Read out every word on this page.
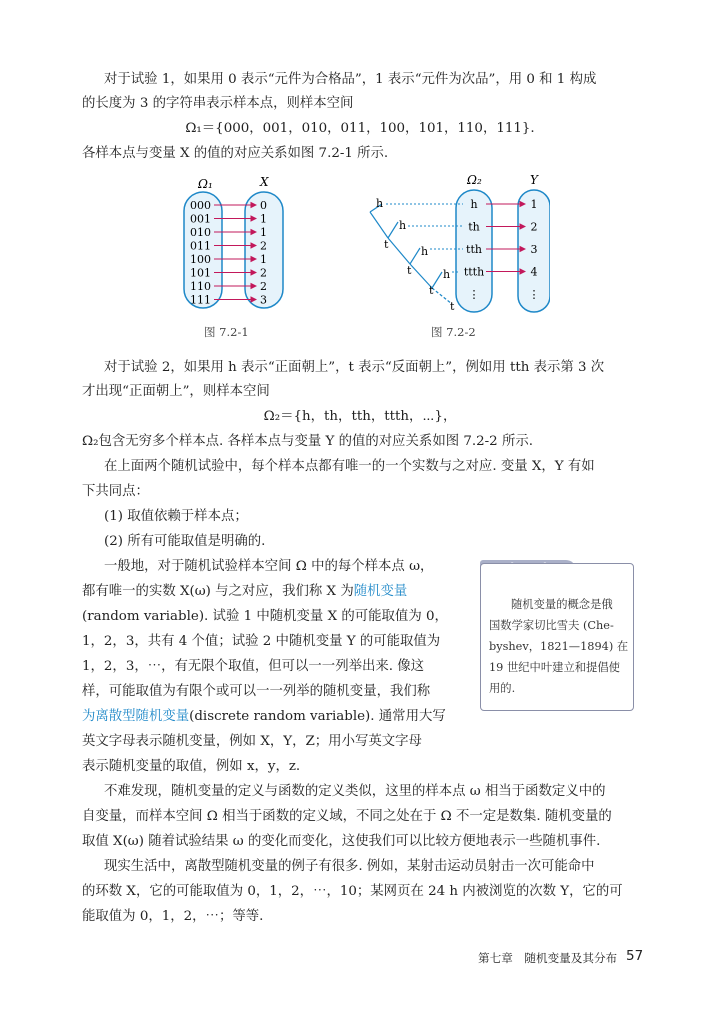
对于试验 1，如果用 0 表示“元件为合格品”，1 表示“元件为次品”，用 0 和 1 构成
的长度为 3 的字符串表示样本点，则样本空间
Ω₁＝{000，001，010，011，100，101，110，111}.
各样本点与变量 X 的值的对应关系如图 7.2-1 所示.
Ω₁	X
000	0
001	1
010	1
011	2
100	1
101	2
110	2
111	3
Ω₂	Y
h
h
t
h
t	h
t
t
h	1
th	2
tth	3
ttth	4
⋮	⋮
图 7.2-1	图 7.2-2
对于试验 2，如果用 h 表示“正面朝上”，t 表示“反面朝上”，例如用 tth 表示第 3 次
才出现“正面朝上”，则样本空间
Ω₂＝{h，th，tth，ttth，⋯}，
Ω₂包含无穷多个样本点. 各样本点与变量 Y 的值的对应关系如图 7.2-2 所示.
在上面两个随机试验中，每个样本点都有唯一的一个实数与之对应. 变量 X，Y 有如
下共同点：
(1) 取值依赖于样本点；
(2) 所有可能取值是明确的.
一般地，对于随机试验样本空间 Ω 中的每个样本点 ω，
都有唯一的实数 X(ω) 与之对应，我们称 X 为随机变量
(random variable). 试验 1 中随机变量 X 的可能取值为 0，
1，2，3，共有 4 个值；试验 2 中随机变量 Y 的可能取值为
1，2，3，⋯，有无限个取值，但可以一一列举出来. 像这
样，可能取值为有限个或可以一一列举的随机变量，我们称
为离散型随机变量(discrete random variable). 通常用大写
英文字母表示随机变量，例如 X，Y，Z；用小写英文字母
表示随机变量的取值，例如 x，y，z.
随机变量的概念是俄
国数学家切比雪夫 (Che-
byshev，1821—1894) 在
19 世纪中叶建立和提倡使
用的.
不难发现，随机变量的定义与函数的定义类似，这里的样本点 ω 相当于函数定义中的
自变量，而样本空间 Ω 相当于函数的定义域，不同之处在于 Ω 不一定是数集. 随机变量的
取值 X(ω) 随着试验结果 ω 的变化而变化，这使我们可以比较方便地表示一些随机事件.
现实生活中，离散型随机变量的例子有很多. 例如，某射击运动员射击一次可能命中
的环数 X，它的可能取值为 0，1，2，⋯，10；某网页在 24 h 内被浏览的次数 Y，它的可
能取值为 0，1，2，⋯；等等.
第七章　随机变量及其分布 57
